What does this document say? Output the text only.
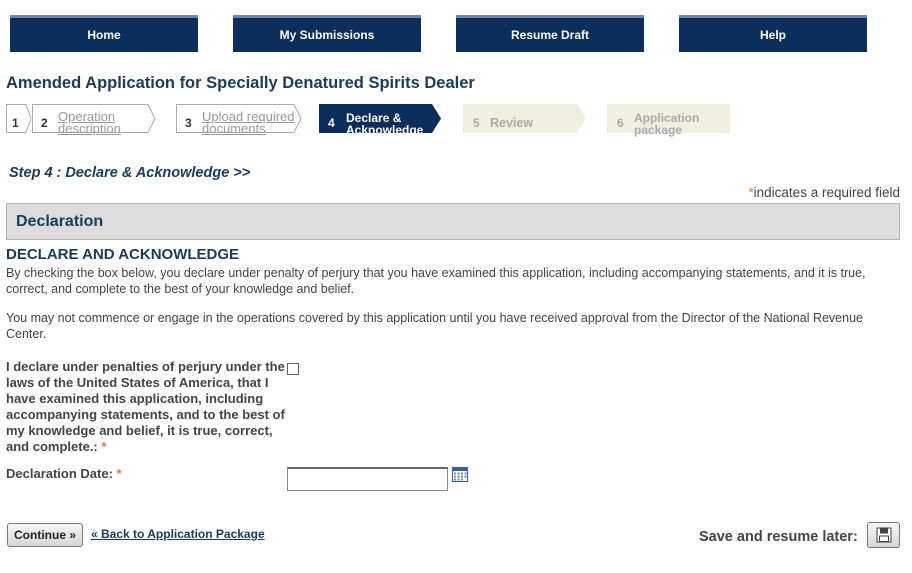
Home	My Submissions	Resume Draft	Help
Amended Application for Specially Denatured Spirits Dealer
1 2 Operation
description	3 Upload required
documents	4 Declare &
Acknowledge	5 Review	6 Application
package
Step 4 : Declare & Acknowledge >>
*indicates a required field
Declaration
DECLARE AND ACKNOWLEDGE
By checking the box below, you declare under penalty of perjury that you have examined this application, including accompanying statements, and it is true, correct, and complete to the best of your knowledge and belief.
You may not commence or engage in the operations covered by this application until you have received approval from the Director of the National Revenue Center.
I declare under penalties of perjury under the laws of the United States of America, that I have examined this application, including accompanying statements, and to the best of my knowledge and belief, it is true, correct, and complete.: *
Declaration Date: *
Continue »	« Back to Application Package	Save and resume later:
